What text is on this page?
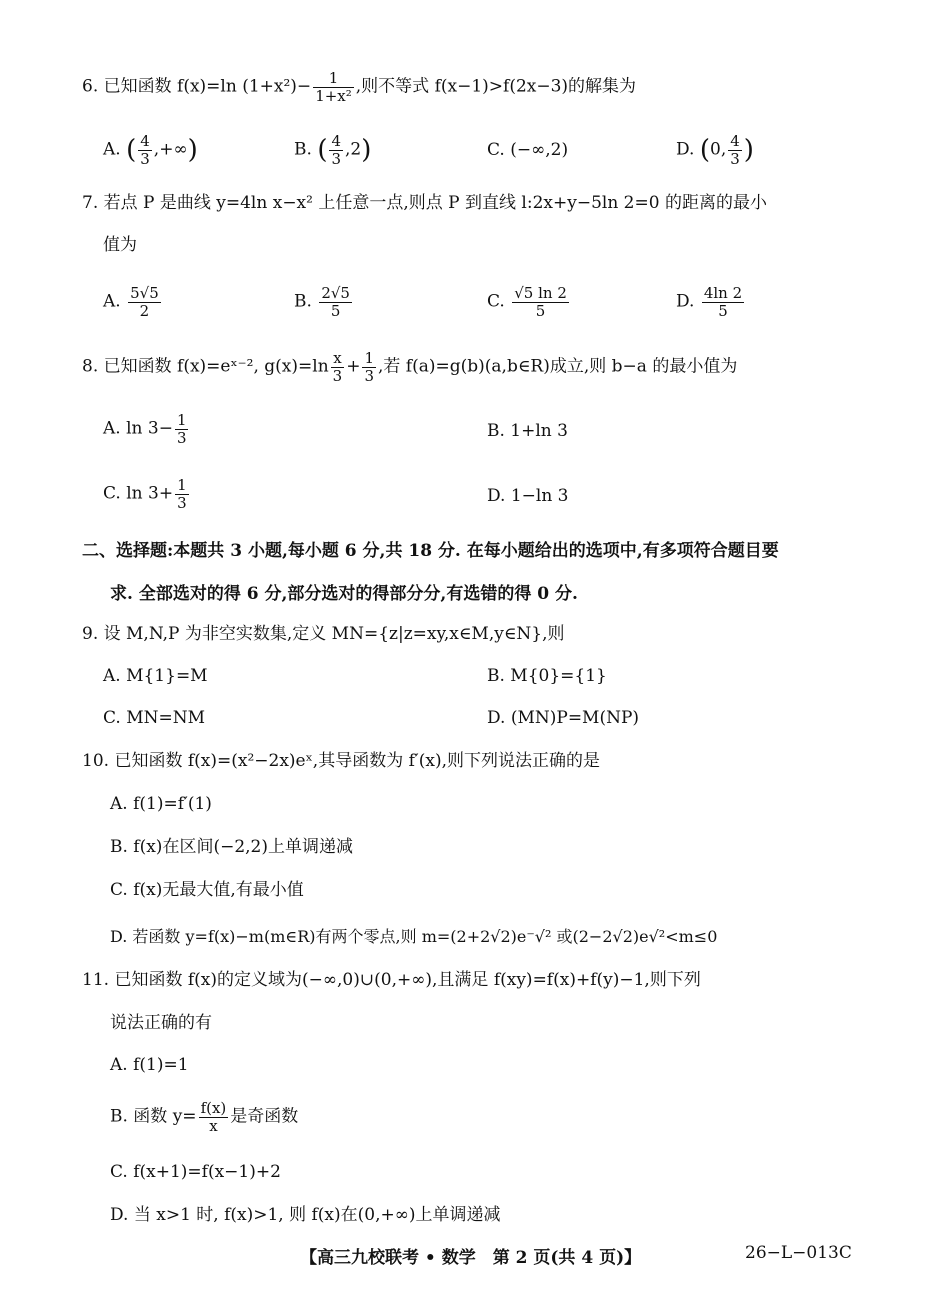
6. 已知函数 f(x)=ln $(1+x^2)- \frac{1}{\text{1+x²}}$ ,则不等式 f(x−1)>f(2x−3)的解集为
A. ( $\frac{4}{3}$ ,+∞)	B. ( $\frac{4}{3} ,2$)	C. (−∞,2)	D. (0, $\frac{4}{3}$ )
7. 若点 P 是曲线 y=4ln x−x² 上任意一点,则点 P 到直线 l:2x+y−5ln 2=0 的距离的最小
值为
A. $\frac{5√5}{2}$	B. $\frac{2√5}{5}$	C. $\frac{√5 \ln 2}{5}$	D. $\frac{4\ln 2}{5}$
8. 已知函数 f(x)=eˣ⁻², $g(x)=\ln \frac{x}{3} + \frac{1}{3}$ ,若 f(a)=g(b)(a,b∈R)成立,则 b−a 的最小值为
A. $\ln 3- \frac{1}{3}$	B. 1+ln 3
C. $\ln 3+ \frac{1}{3}$	D. 1−ln 3
二、选择题:本题共 3 小题,每小题 6 分,共 18 分. 在每小题给出的选项中,有多项符合题目要
求. 全部选对的得 6 分,部分选对的得部分分,有选错的得 0 分.
9. 设 M,N,P 为非空实数集,定义 MN={z|z=xy,x∈M,y∈N},则
A. M{1}=M	B. M{0}={1}
C. MN=NM	D. (MN)P=M(NP)
10. 已知函数 f(x)=(x²−2x)eˣ,其导函数为 f′(x),则下列说法正确的是
A. f(1)=f′(1)
B. f(x)在区间(−2,2)上单调递减
C. f(x)无最大值,有最小值
D. 若函数 y=f(x)−m(m∈R)有两个零点,则 m=(2+2√2)e⁻√² 或(2−2√2)e√²<m≤0
11. 已知函数 f(x)的定义域为(−∞,0)∪(0,+∞),且满足 f(xy)=f(x)+f(y)−1,则下列
说法正确的有
A. f(1)=1
B. 函数 $y= \frac{f(x)}{x}$ 是奇函数
C. f(x+1)=f(x−1)+2
D. 当 x>1 时, f(x)>1, 则 f(x)在(0,+∞)上单调递减
【高三九校联考 • 数学　第 2 页(共 4 页)】	26−L−013C
